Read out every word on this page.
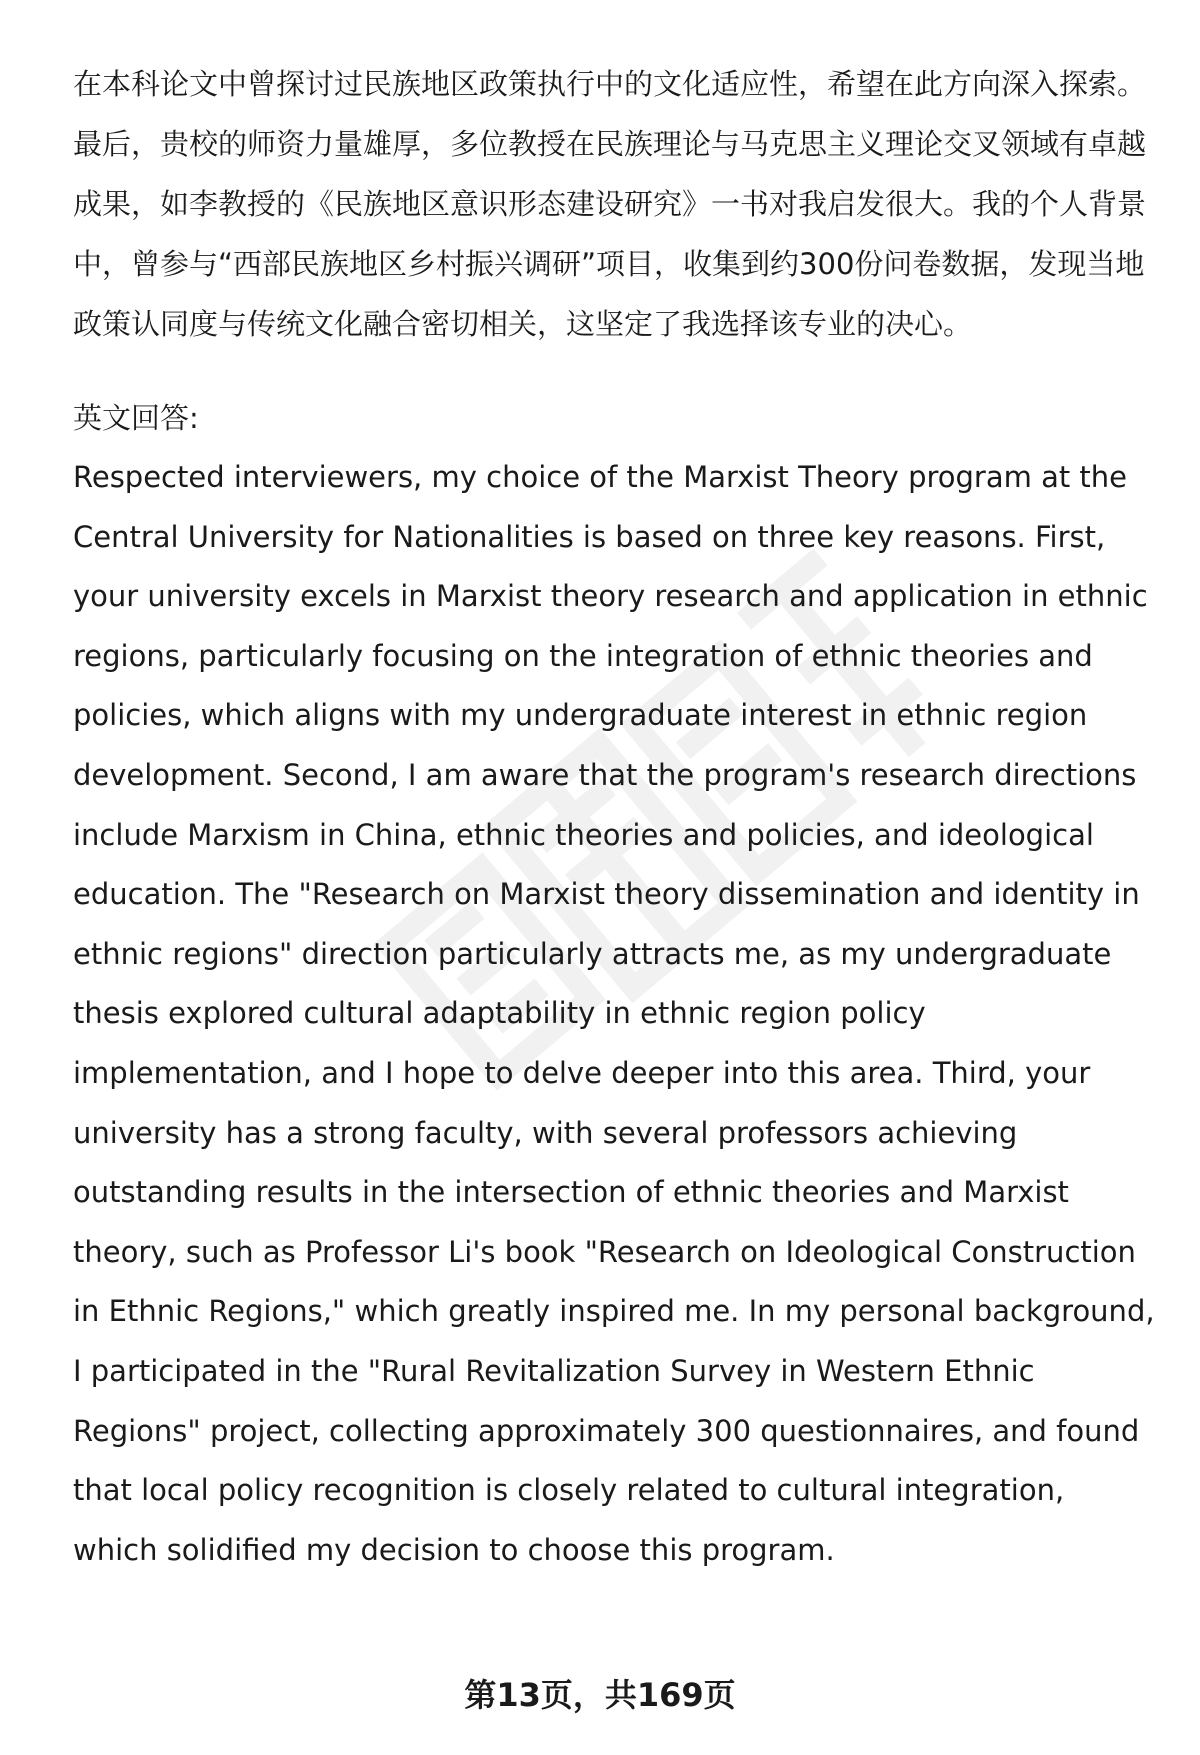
在本科论文中曾探讨过民族地区政策执行中的文化适应性，希望在此方向深入探索。最后，贵校的师资力量雄厚，多位教授在民族理论与马克思主义理论交叉领域有卓越成果，如李教授的《民族地区意识形态建设研究》一书对我启发很大。我的个人背景中，曾参与“西部民族地区乡村振兴调研”项目，收集到约300份问卷数据，发现当地政策认同度与传统文化融合密切相关，这坚定了我选择该专业的决心。

英文回答:

Respected interviewers, my choice of the Marxist Theory program at the Central University for Nationalities is based on three key reasons. First, your university excels in Marxist theory research and application in ethnic regions, particularly focusing on the integration of ethnic theories and policies, which aligns with my undergraduate interest in ethnic region development. Second, I am aware that the program's research directions include Marxism in China, ethnic theories and policies, and ideological education. The "Research on Marxist theory dissemination and identity in ethnic regions" direction particularly attracts me, as my undergraduate thesis explored cultural adaptability in ethnic region policy implementation, and I hope to delve deeper into this area. Third, your university has a strong faculty, with several professors achieving outstanding results in the intersection of ethnic theories and Marxist theory, such as Professor Li's book "Research on Ideological Construction in Ethnic Regions," which greatly inspired me. In my personal background, I participated in the "Rural Revitalization Survey in Western Ethnic Regions" project, collecting approximately 300 questionnaires, and found that local policy recognition is closely related to cultural integration, which solidified my decision to choose this program.

第13页，共169页
